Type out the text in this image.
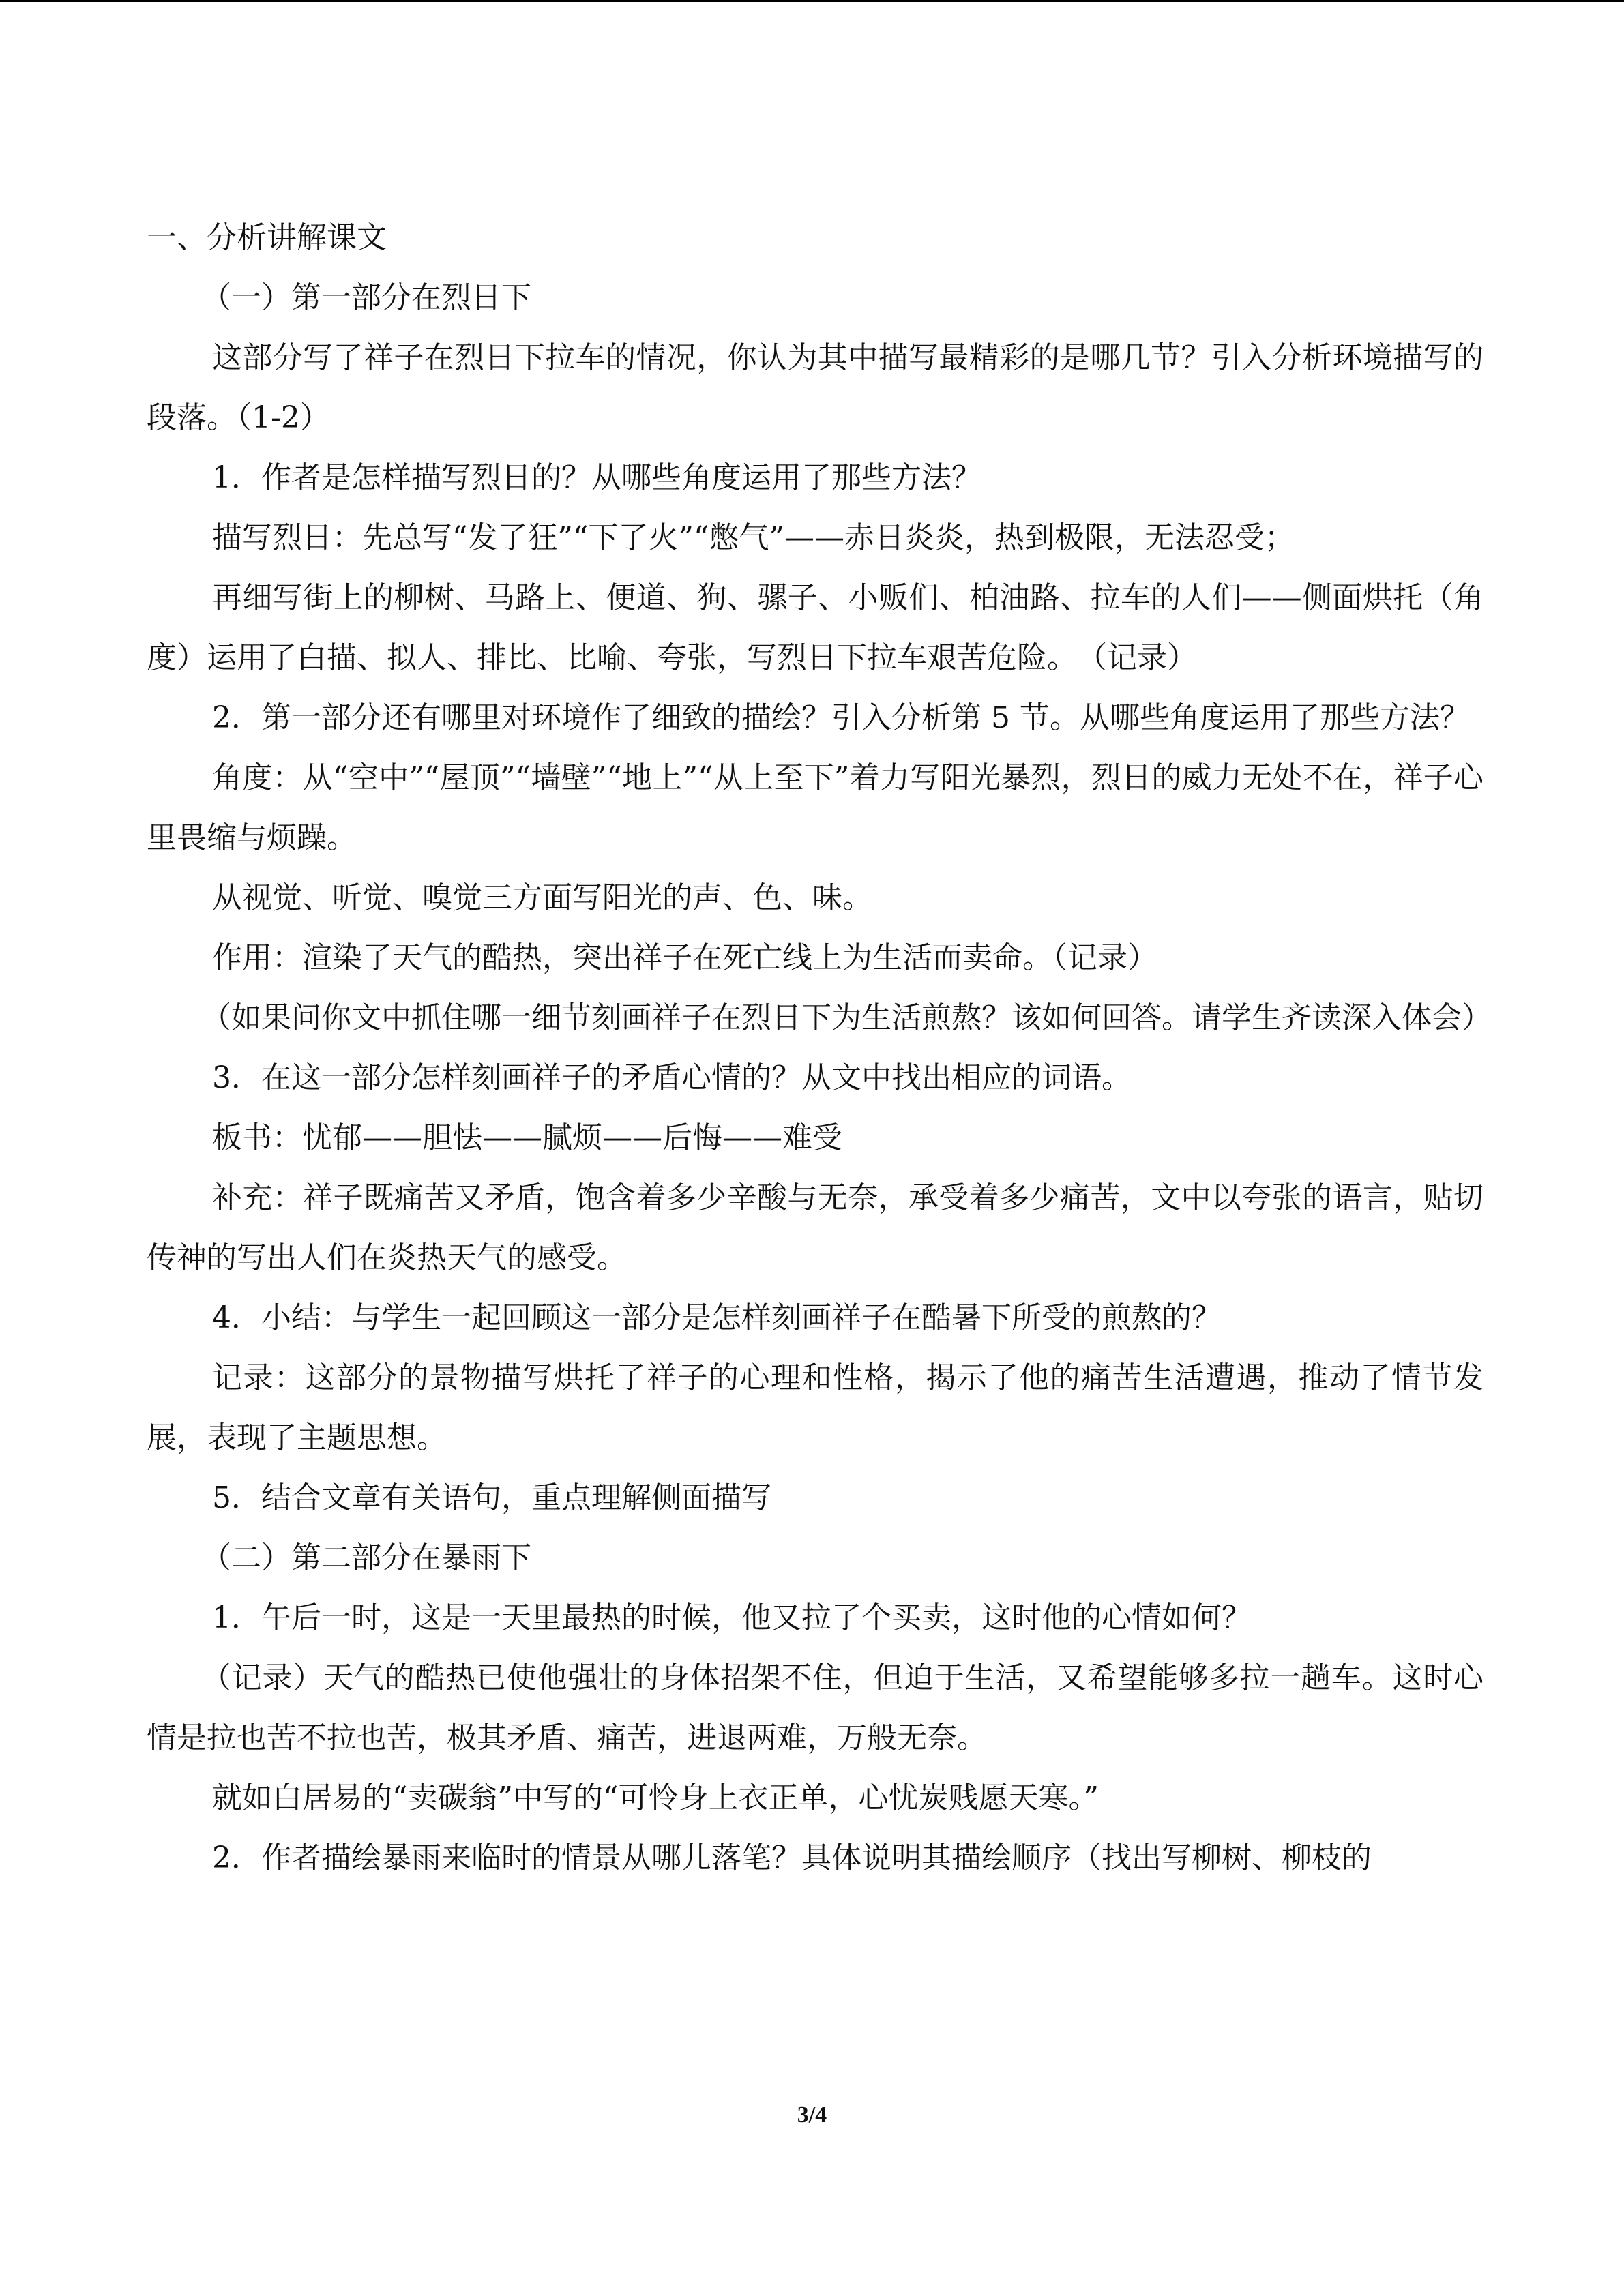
一、分析讲解课文

（一）第一部分在烈日下

这部分写了祥子在烈日下拉车的情况，你认为其中描写最精彩的是哪几节？引入分析环境描写的段落。（1-2）

1．作者是怎样描写烈日的？从哪些角度运用了那些方法？

描写烈日：先总写“发了狂”“下了火”“憋气”——赤日炎炎，热到极限，无法忍受；

再细写街上的柳树、马路上、便道、狗、骡子、小贩们、柏油路、拉车的人们——侧面烘托（角度）运用了白描、拟人、排比、比喻、夸张，写烈日下拉车艰苦危险。　（记录）

2．第一部分还有哪里对环境作了细致的描绘？引入分析第 5 节。从哪些角度运用了那些方法？

角度：从“空中”“屋顶”“墙壁”“地上”“从上至下”着力写阳光暴烈，烈日的威力无处不在，祥子心里畏缩与烦躁。

从视觉、听觉、嗅觉三方面写阳光的声、色、味。

作用：渲染了天气的酷热，突出祥子在死亡线上为生活而卖命。（记录）

（如果问你文中抓住哪一细节刻画祥子在烈日下为生活煎熬？该如何回答。请学生齐读深入体会）

3．在这一部分怎样刻画祥子的矛盾心情的？从文中找出相应的词语。

板书：忧郁——胆怯——腻烦——后悔——难受

补充：祥子既痛苦又矛盾，饱含着多少辛酸与无奈，承受着多少痛苦，文中以夸张的语言，贴切传神的写出人们在炎热天气的感受。

4．小结：与学生一起回顾这一部分是怎样刻画祥子在酷暑下所受的煎熬的？

记录：这部分的景物描写烘托了祥子的心理和性格，揭示了他的痛苦生活遭遇，推动了情节发展，表现了主题思想。

5．结合文章有关语句，重点理解侧面描写

（二）第二部分在暴雨下

1．午后一时，这是一天里最热的时候，他又拉了个买卖，这时他的心情如何？

（记录）天气的酷热已使他强壮的身体招架不住，但迫于生活，又希望能够多拉一趟车。这时心情是拉也苦不拉也苦，极其矛盾、痛苦，进退两难，万般无奈。

就如白居易的“卖碳翁”中写的“可怜身上衣正单，心忧炭贱愿天寒。”

2．作者描绘暴雨来临时的情景从哪儿落笔？具体说明其描绘顺序（找出写柳树、柳枝的

3/4
